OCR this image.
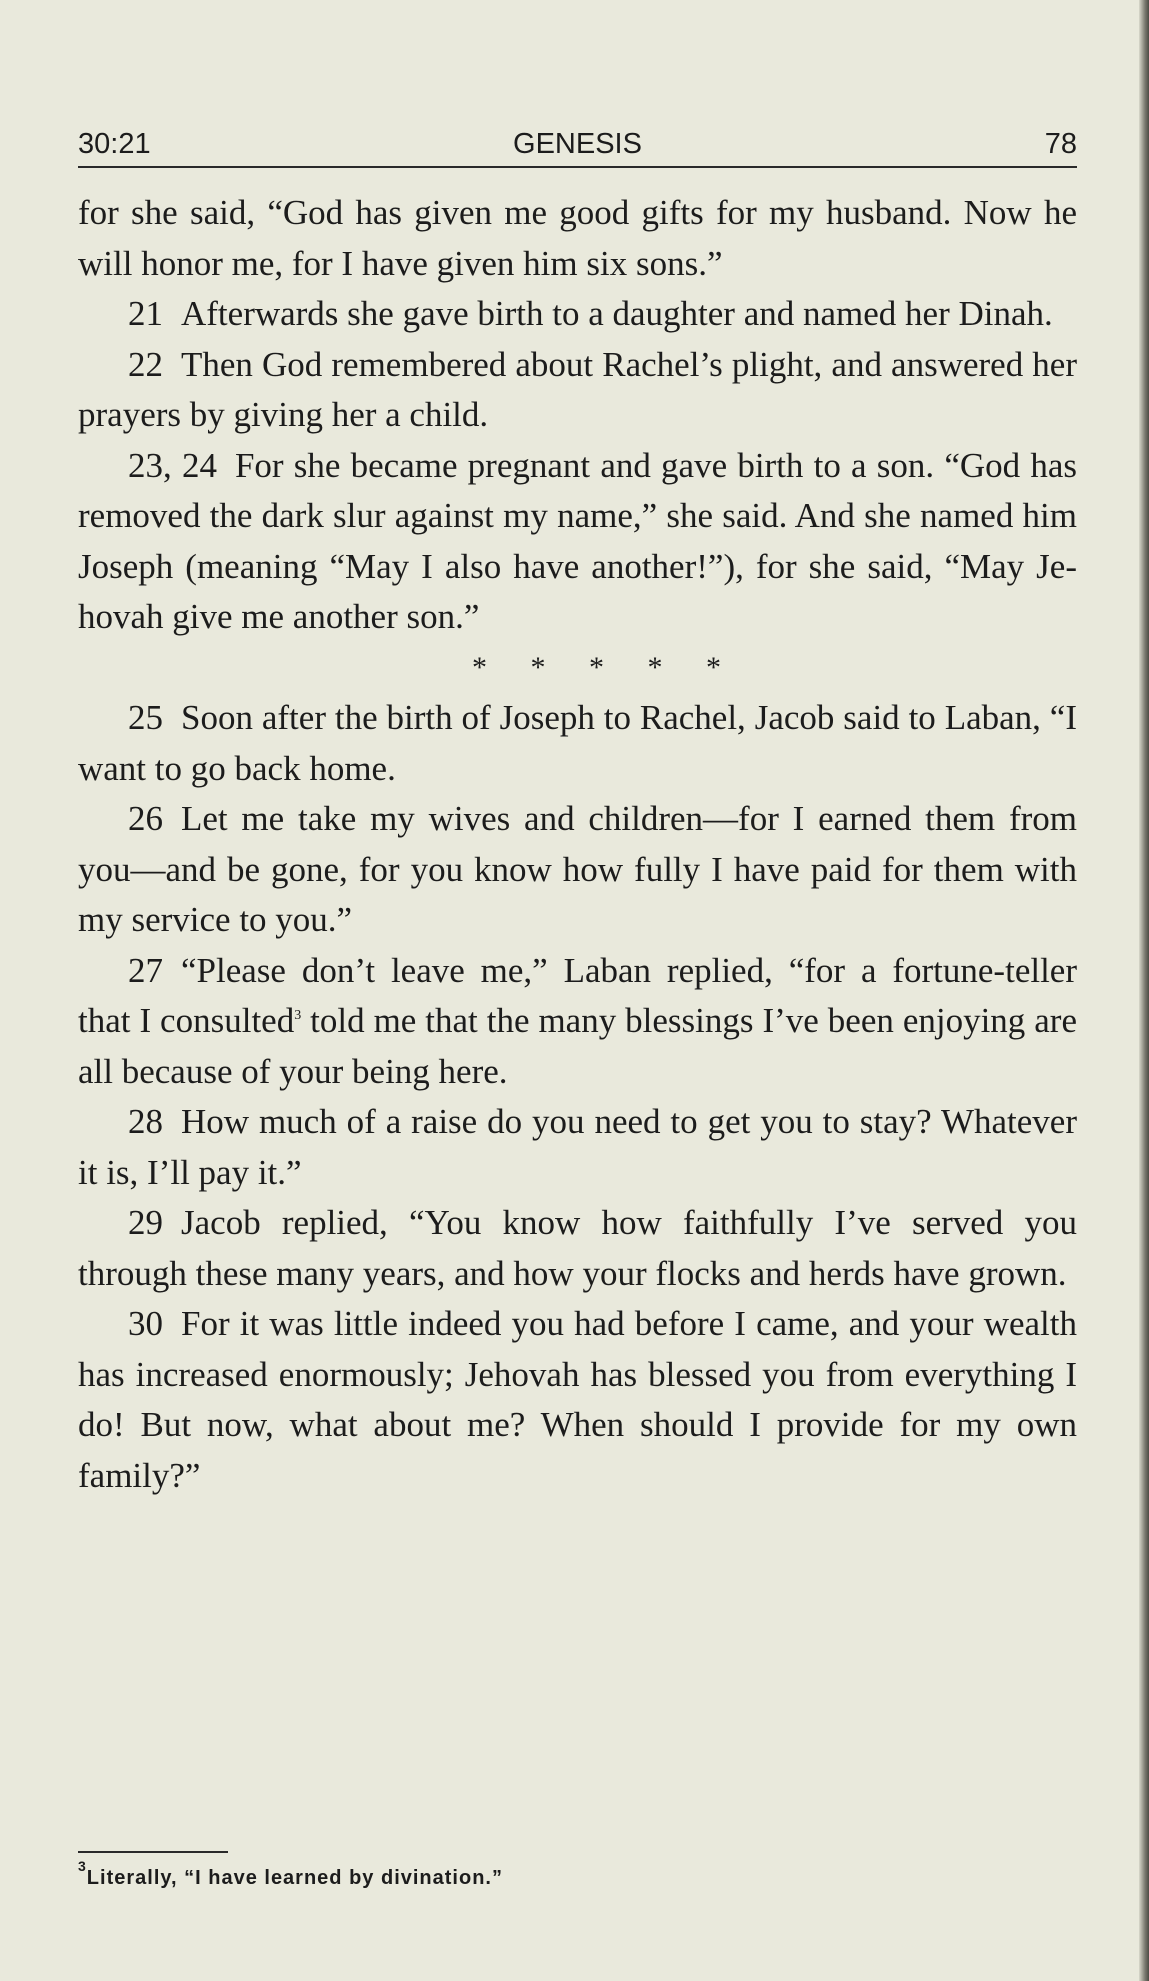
30:21	GENESIS	78

for she said, “God has given me good gifts for my husband. Now he will honor me, for I have given him six sons.”

21 Afterwards she gave birth to a daughter and named her Dinah.

22 Then God remembered about Rachel’s plight, and answered her prayers by giving her a child.

23, 24 For she became pregnant and gave birth to a son. “God has removed the dark slur against my name,” she said. And she named him Joseph (meaning “May I also have another!”), for she said, “May Je-hovah give me another son.”

* * * * *

25 Soon after the birth of Joseph to Rachel, Jacob said to Laban, “I want to go back home.

26 Let me take my wives and children—for I earned them from you—and be gone, for you know how fully I have paid for them with my service to you.”

27 “Please don’t leave me,” Laban replied, “for a fortune-teller that I consulted$^3$ told me that the many blessings I’ve been enjoying are all because of your being here.

28 How much of a raise do you need to get you to stay? Whatever it is, I’ll pay it.”

29 Jacob replied, “You know how faithfully I’ve served you through these many years, and how your flocks and herds have grown.

30 For it was little indeed you had before I came, and your wealth has increased enormously; Jehovah has blessed you from everything I do! But now, what about me? When should I provide for my own family?”

$^3$Literally, “I have learned by divination.”
